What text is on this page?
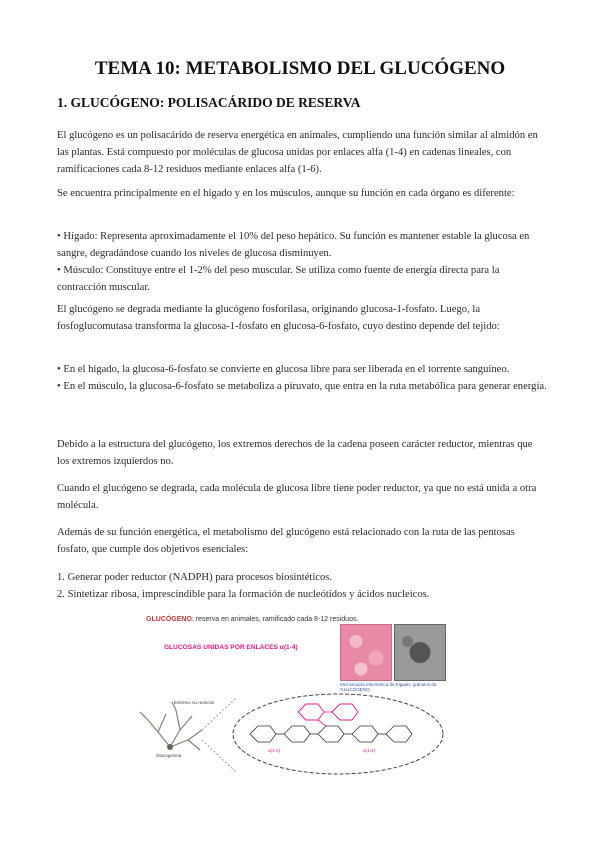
TEMA 10: METABOLISMO DEL GLUCÓGENO
1. GLUCÓGENO: POLISACÁRIDO DE RESERVA

El glucógeno es un polisacárido de reserva energética en animales, cumpliendo una función similar al almidón en las plantas. Está compuesto por moléculas de glucosa unidas por enlaces alfa (1-4) en cadenas lineales, con ramificaciones cada 8-12 residuos mediante enlaces alfa (1-6).

Se encuentra principalmente en el hígado y en los músculos, aunque su función en cada órgano es diferente:

• Hígado: Representa aproximadamente el 10% del peso hepático. Su función es mantener estable la glucosa en sangre, degradándose cuando los niveles de glucosa disminuyen.

• Músculo: Constituye entre el 1-2% del peso muscular. Se utiliza como fuente de energía directa para la contracción muscular.

El glucógeno se degrada mediante la glucógeno fosforilasa, originando glucosa-1-fosfato. Luego, la fosfoglucomutasa transforma la glucosa-1-fosfato en glucosa-6-fosfato, cuyo destino depende del tejido:

• En el hígado, la glucosa-6-fosfato se convierte en glucosa libre para ser liberada en el torrente sanguíneo.

• En el músculo, la glucosa-6-fosfato se metaboliza a piruvato, que entra en la ruta metabólica para generar energía.

Debido a la estructura del glucógeno, los extremos derechos de la cadena poseen carácter reductor, mientras que los extremos izquierdos no.

Cuando el glucógeno se degrada, cada molécula de glucosa libre tiene poder reductor, ya que no está unida a otra molécula.

Además de su función energética, el metabolismo del glucógeno está relacionado con la ruta de las pentosas fosfato, que cumple dos objetivos esenciales:

1. Generar poder reductor (NADPH) para procesos biosintéticos.

2. Sintetizar ribosa, imprescindible para la formación de nucleótidos y ácidos nucleicos.

GLUCÓGENO: reserva en animales, ramificado cada 8-12 residuos.
GLUCOSAS UNIDAS POR ENLACES α(1-4)
Microscopía electrónica de hígado; gránulos de GLUCÓGENO
Extremo no reductor
Glucogenina
α(1-6)	α(1-4)
